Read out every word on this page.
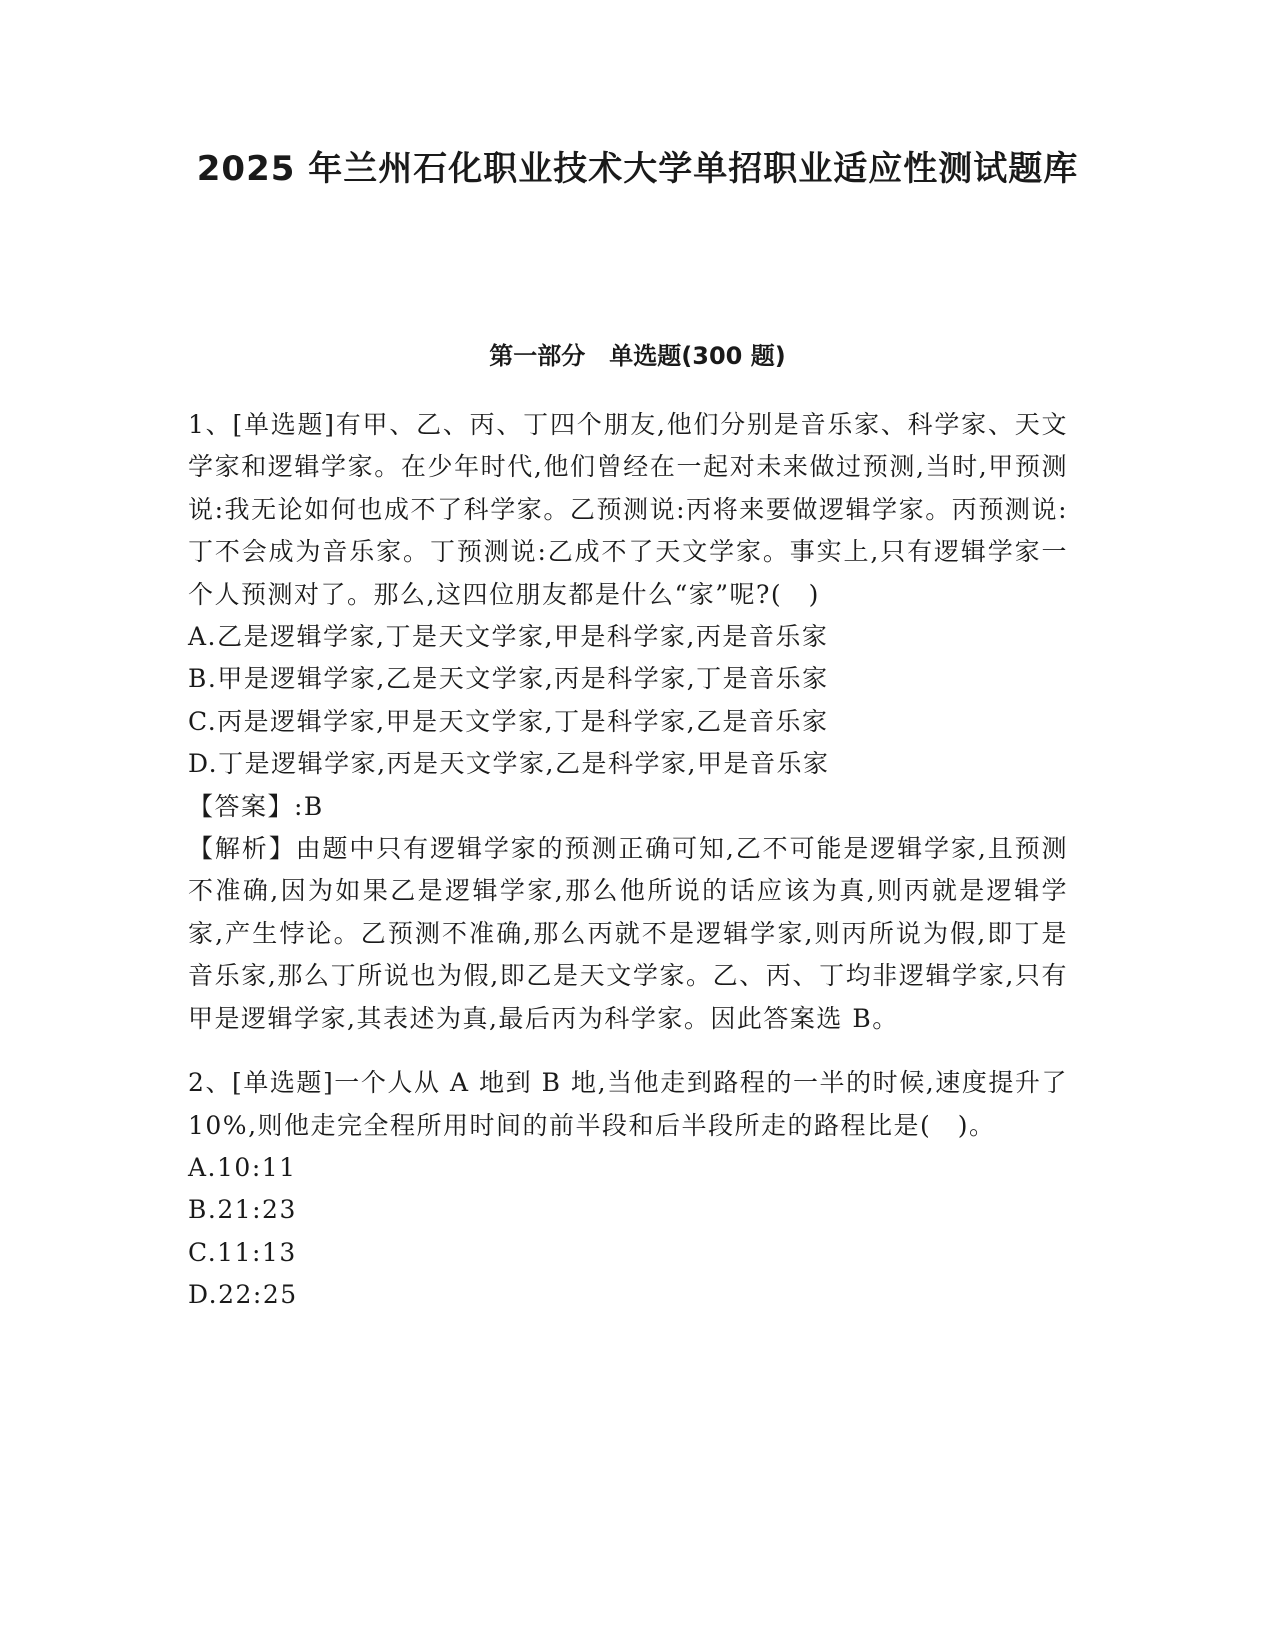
2025 年兰州石化职业技术大学单招职业适应性测试题库
第一部分　单选题(300 题)

1、[单选题]有甲、乙、丙、丁四个朋友,他们分别是音乐家、科学家、天文学家和逻辑学家。在少年时代,他们曾经在一起对未来做过预测,当时,甲预测说:我无论如何也成不了科学家。乙预测说:丙将来要做逻辑学家。丙预测说:丁不会成为音乐家。丁预测说:乙成不了天文学家。事实上,只有逻辑学家一个人预测对了。那么,这四位朋友都是什么“家”呢?(　)

A.乙是逻辑学家,丁是天文学家,甲是科学家,丙是音乐家

B.甲是逻辑学家,乙是天文学家,丙是科学家,丁是音乐家

C.丙是逻辑学家,甲是天文学家,丁是科学家,乙是音乐家

D.丁是逻辑学家,丙是天文学家,乙是科学家,甲是音乐家

【答案】:B

【解析】由题中只有逻辑学家的预测正确可知,乙不可能是逻辑学家,且预测不准确,因为如果乙是逻辑学家,那么他所说的话应该为真,则丙就是逻辑学家,产生悖论。乙预测不准确,那么丙就不是逻辑学家,则丙所说为假,即丁是音乐家,那么丁所说也为假,即乙是天文学家。乙、丙、丁均非逻辑学家,只有甲是逻辑学家,其表述为真,最后丙为科学家。因此答案选 B。

2、[单选题]一个人从 A 地到 B 地,当他走到路程的一半的时候,速度提升了 10%,则他走完全程所用时间的前半段和后半段所走的路程比是(　)。

A.10:11

B.21:23

C.11:13

D.22:25
